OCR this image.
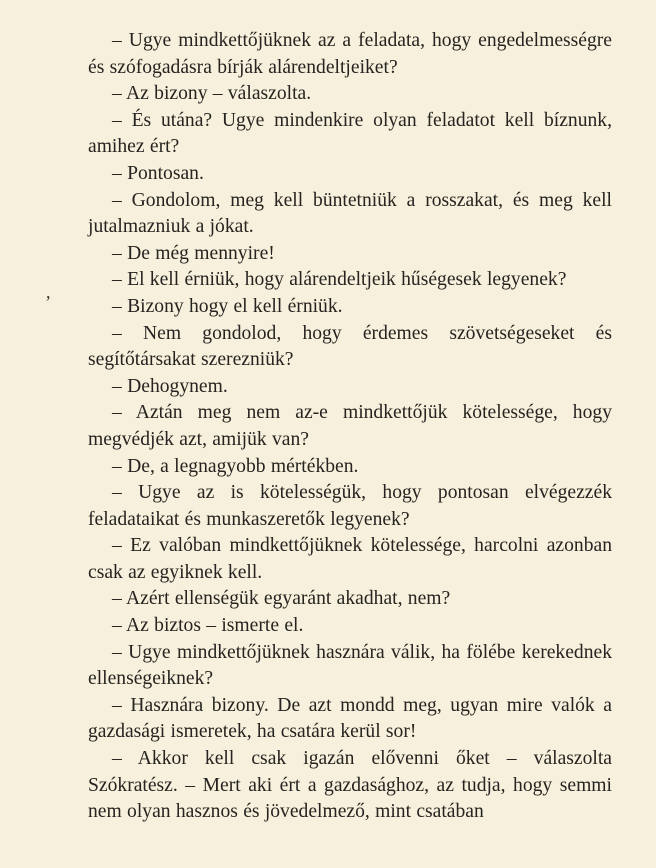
,

– Ugye mindkettőjüknek az a feladata, hogy engedelmességre és szófogadásra bírják alárendeltjeiket?

– Az bizony – válaszolta.

– És utána? Ugye mindenkire olyan feladatot kell bíznunk, amihez ért?

– Pontosan.

– Gondolom, meg kell büntetniük a rosszakat, és meg kell jutalmazniuk a jókat.

– De még mennyire!

– El kell érniük, hogy alárendeltjeik hűségesek legyenek?

– Bizony hogy el kell érniük.

– Nem gondolod, hogy érdemes szövetségeseket és segítőtársakat szerezniük?

– Dehogynem.

– Aztán meg nem az-e mindkettőjük kötelessége, hogy megvédjék azt, amijük van?

– De, a legnagyobb mértékben.

– Ugye az is kötelességük, hogy pontosan elvégezzék feladataikat és munkaszeretők legyenek?

– Ez valóban mindkettőjüknek kötelessége, harcolni azonban csak az egyiknek kell.

– Azért ellenségük egyaránt akadhat, nem?

– Az biztos – ismerte el.

– Ugye mindkettőjüknek hasznára válik, ha fölébe kerekednek ellenségeiknek?

– Hasznára bizony. De azt mondd meg, ugyan mire valók a gazdasági ismeretek, ha csatára kerül sor!

– Akkor kell csak igazán elővenni őket – válaszolta Szókratész. – Mert aki ért a gazdasághoz, az tudja, hogy semmi nem olyan hasznos és jövedelmező, mint csatában
